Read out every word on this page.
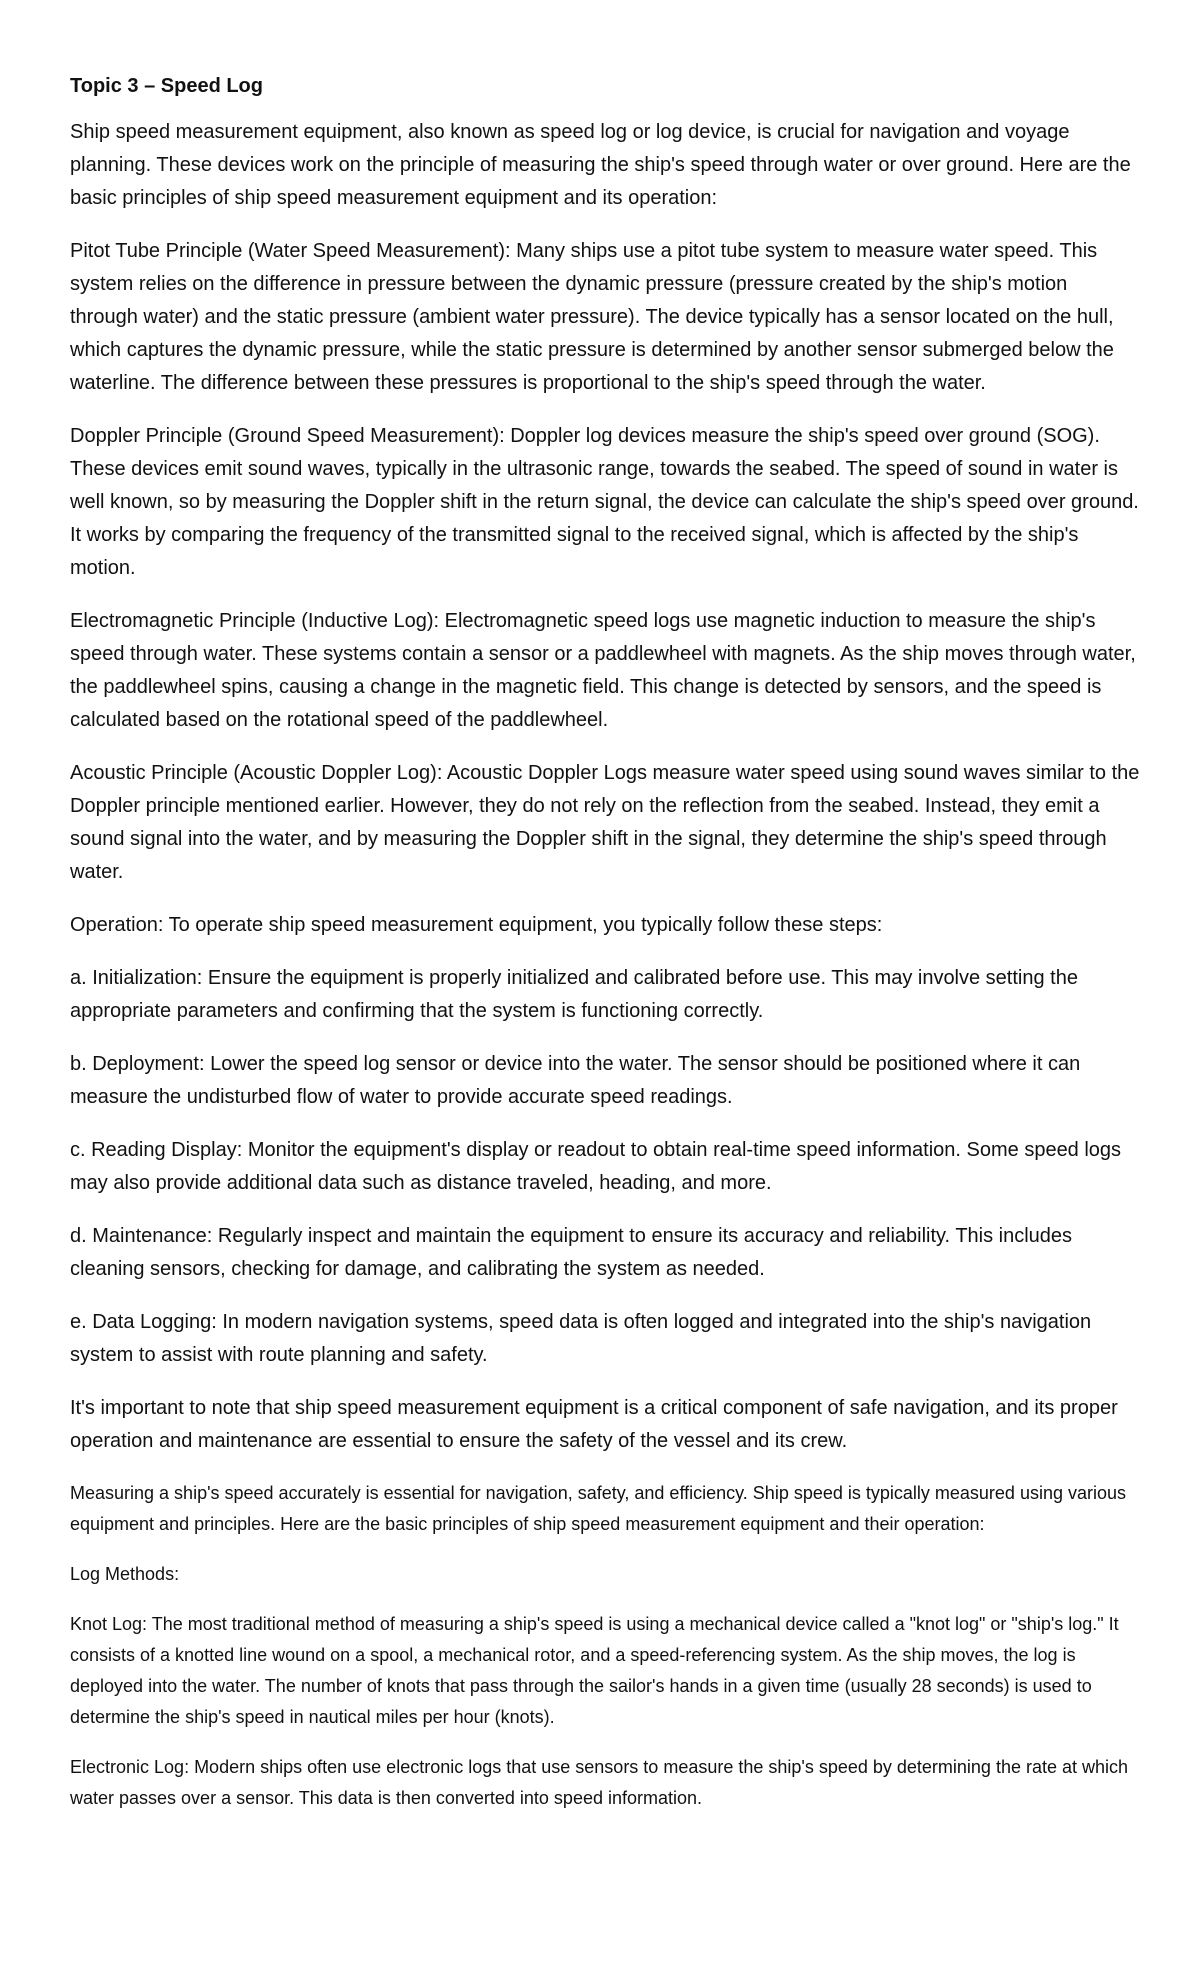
Topic 3 – Speed Log

Ship speed measurement equipment, also known as speed log or log device, is crucial for navigation and voyage planning. These devices work on the principle of measuring the ship's speed through water or over ground. Here are the basic principles of ship speed measurement equipment and its operation:

Pitot Tube Principle (Water Speed Measurement): Many ships use a pitot tube system to measure water speed. This system relies on the difference in pressure between the dynamic pressure (pressure created by the ship's motion through water) and the static pressure (ambient water pressure). The device typically has a sensor located on the hull, which captures the dynamic pressure, while the static pressure is determined by another sensor submerged below the waterline. The difference between these pressures is proportional to the ship's speed through the water.

Doppler Principle (Ground Speed Measurement): Doppler log devices measure the ship's speed over ground (SOG). These devices emit sound waves, typically in the ultrasonic range, towards the seabed. The speed of sound in water is well known, so by measuring the Doppler shift in the return signal, the device can calculate the ship's speed over ground. It works by comparing the frequency of the transmitted signal to the received signal, which is affected by the ship's motion.

Electromagnetic Principle (Inductive Log): Electromagnetic speed logs use magnetic induction to measure the ship's speed through water. These systems contain a sensor or a paddlewheel with magnets. As the ship moves through water, the paddlewheel spins, causing a change in the magnetic field. This change is detected by sensors, and the speed is calculated based on the rotational speed of the paddlewheel.

Acoustic Principle (Acoustic Doppler Log): Acoustic Doppler Logs measure water speed using sound waves similar to the Doppler principle mentioned earlier. However, they do not rely on the reflection from the seabed. Instead, they emit a sound signal into the water, and by measuring the Doppler shift in the signal, they determine the ship's speed through water.

Operation: To operate ship speed measurement equipment, you typically follow these steps:

a. Initialization: Ensure the equipment is properly initialized and calibrated before use. This may involve setting the appropriate parameters and confirming that the system is functioning correctly.

b. Deployment: Lower the speed log sensor or device into the water. The sensor should be positioned where it can measure the undisturbed flow of water to provide accurate speed readings.

c. Reading Display: Monitor the equipment's display or readout to obtain real-time speed information. Some speed logs may also provide additional data such as distance traveled, heading, and more.

d. Maintenance: Regularly inspect and maintain the equipment to ensure its accuracy and reliability. This includes cleaning sensors, checking for damage, and calibrating the system as needed.

e. Data Logging: In modern navigation systems, speed data is often logged and integrated into the ship's navigation system to assist with route planning and safety.

It's important to note that ship speed measurement equipment is a critical component of safe navigation, and its proper operation and maintenance are essential to ensure the safety of the vessel and its crew.

Measuring a ship's speed accurately is essential for navigation, safety, and efficiency. Ship speed is typically measured using various equipment and principles. Here are the basic principles of ship speed measurement equipment and their operation:

Log Methods:

Knot Log: The most traditional method of measuring a ship's speed is using a mechanical device called a "knot log" or "ship's log." It consists of a knotted line wound on a spool, a mechanical rotor, and a speed-referencing system. As the ship moves, the log is deployed into the water. The number of knots that pass through the sailor's hands in a given time (usually 28 seconds) is used to determine the ship's speed in nautical miles per hour (knots).

Electronic Log: Modern ships often use electronic logs that use sensors to measure the ship's speed by determining the rate at which water passes over a sensor. This data is then converted into speed information.
